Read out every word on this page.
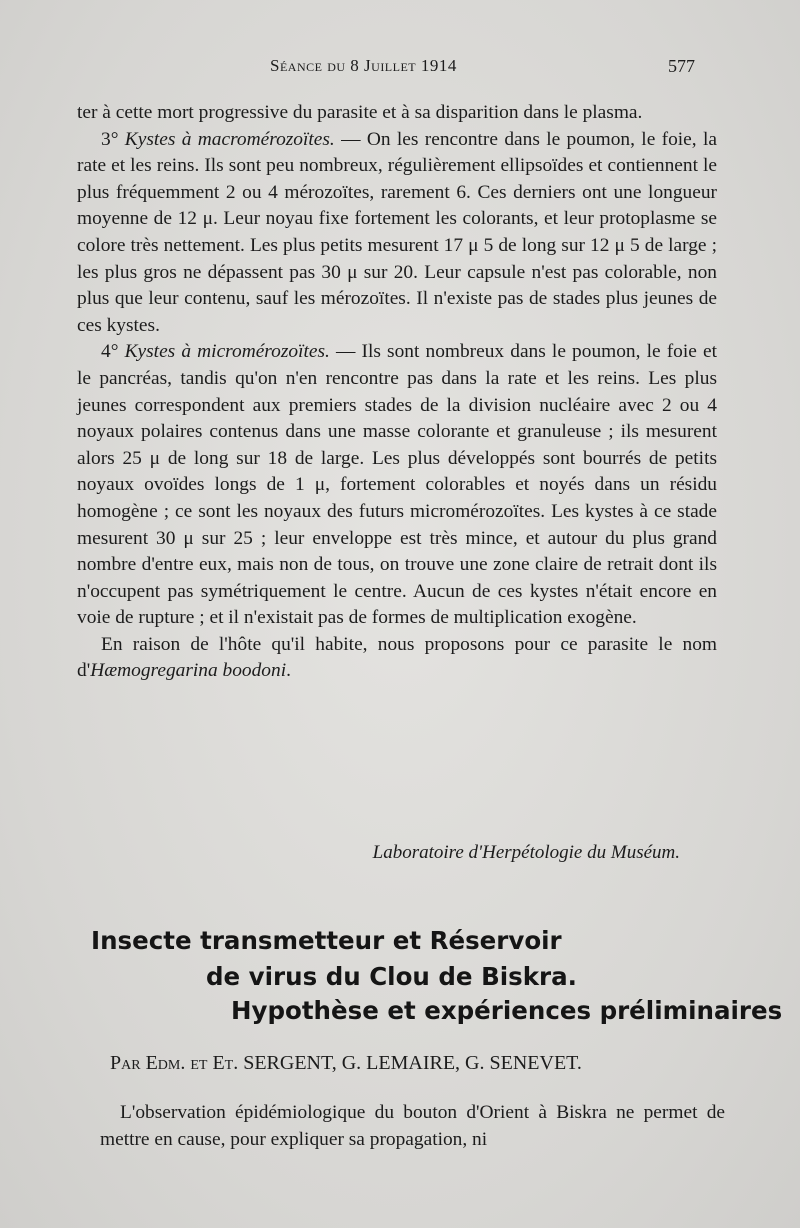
Séance du 8 Juillet 1914	577

ter à cette mort progressive du parasite et à sa disparition dans le plasma.

3° Kystes à macromérozoïtes. — On les rencontre dans le poumon, le foie, la rate et les reins. Ils sont peu nombreux, régulièrement ellipsoïdes et contiennent le plus fréquemment 2 ou 4 mérozoïtes, rarement 6. Ces derniers ont une longueur moyenne de 12 μ. Leur noyau fixe fortement les colorants, et leur protoplasme se colore très nettement. Les plus petits mesurent 17 μ 5 de long sur 12 μ 5 de large ; les plus gros ne dépassent pas 30 μ sur 20. Leur capsule n'est pas colorable, non plus que leur contenu, sauf les mérozoïtes. Il n'existe pas de stades plus jeunes de ces kystes.

4° Kystes à micromérozoïtes. — Ils sont nombreux dans le poumon, le foie et le pancréas, tandis qu'on n'en rencontre pas dans la rate et les reins. Les plus jeunes correspondent aux premiers stades de la division nucléaire avec 2 ou 4 noyaux polaires contenus dans une masse colorante et granuleuse ; ils mesurent alors 25 μ de long sur 18 de large. Les plus développés sont bourrés de petits noyaux ovoïdes longs de 1 μ, fortement colorables et noyés dans un résidu homogène ; ce sont les noyaux des futurs micromérozoïtes. Les kystes à ce stade mesurent 30 μ sur 25 ; leur enveloppe est très mince, et autour du plus grand nombre d'entre eux, mais non de tous, on trouve une zone claire de retrait dont ils n'occupent pas symétriquement le centre. Aucun de ces kystes n'était encore en voie de rupture ; et il n'existait pas de formes de multiplication exogène.

En raison de l'hôte qu'il habite, nous proposons pour ce parasite le nom d'Hæmogregarina boodoni.

Laboratoire d'Herpétologie du Muséum.
Insecte transmetteur et Réservoir
de virus du Clou de Biskra.
Hypothèse et expériences préliminaires
Par Edm. et Et. SERGENT, G. LEMAIRE, G. SENEVET.

L'observation épidémiologique du bouton d'Orient à Biskra ne permet de mettre en cause, pour expliquer sa propagation, ni
